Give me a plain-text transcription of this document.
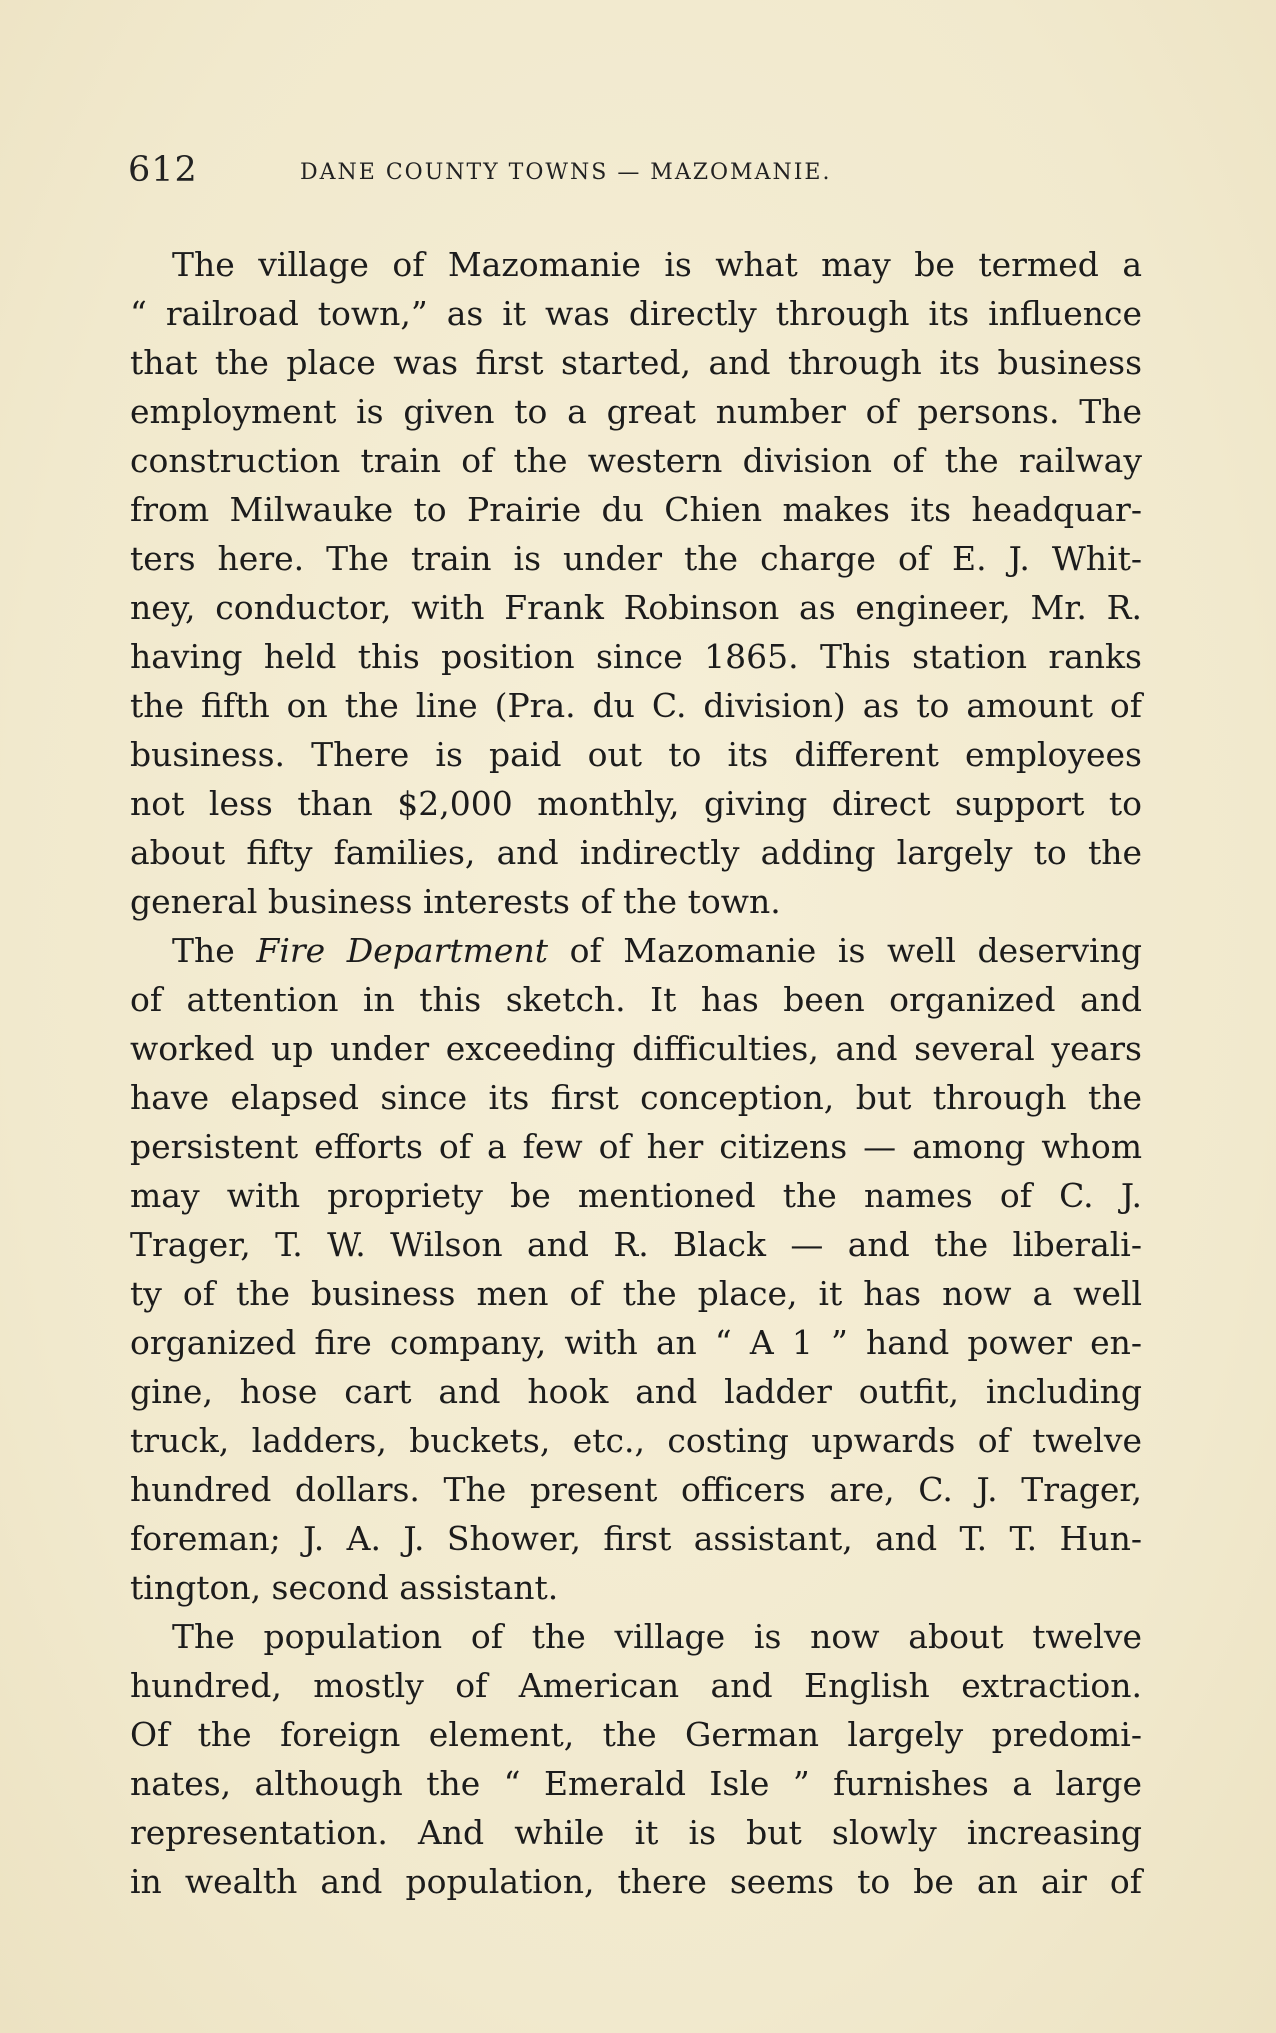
612	DANE COUNTY TOWNS — MAZOMANIE.
The village of Mazomanie is what may be termed a
“ railroad town,” as it was directly through its influence
that the place was first started, and through its business
employment is given to a great number of persons. The
construction train of the western division of the railway
from Milwauke to Prairie du Chien makes its headquar-
ters here. The train is under the charge of E. J. Whit-
ney, conductor, with Frank Robinson as engineer, Mr. R.
having held this position since 1865. This station ranks
the fifth on the line (Pra. du C. division) as to amount of
business. There is paid out to its different employees
not less than $2,000 monthly, giving direct support to
about fifty families, and indirectly adding largely to the
general business interests of the town.
The Fire Department of Mazomanie is well deserving
of attention in this sketch. It has been organized and
worked up under exceeding difficulties, and several years
have elapsed since its first conception, but through the
persistent efforts of a few of her citizens — among whom
may with propriety be mentioned the names of C. J.
Trager, T. W. Wilson and R. Black — and the liberali-
ty of the business men of the place, it has now a well
organized fire company, with an “ A 1 ” hand power en-
gine, hose cart and hook and ladder outfit, including
truck, ladders, buckets, etc., costing upwards of twelve
hundred dollars. The present officers are, C. J. Trager,
foreman; J. A. J. Shower, first assistant, and T. T. Hun-
tington, second assistant.
The population of the village is now about twelve
hundred, mostly of American and English extraction.
Of the foreign element, the German largely predomi-
nates, although the “ Emerald Isle ” furnishes a large
representation. And while it is but slowly increasing
in wealth and population, there seems to be an air of
